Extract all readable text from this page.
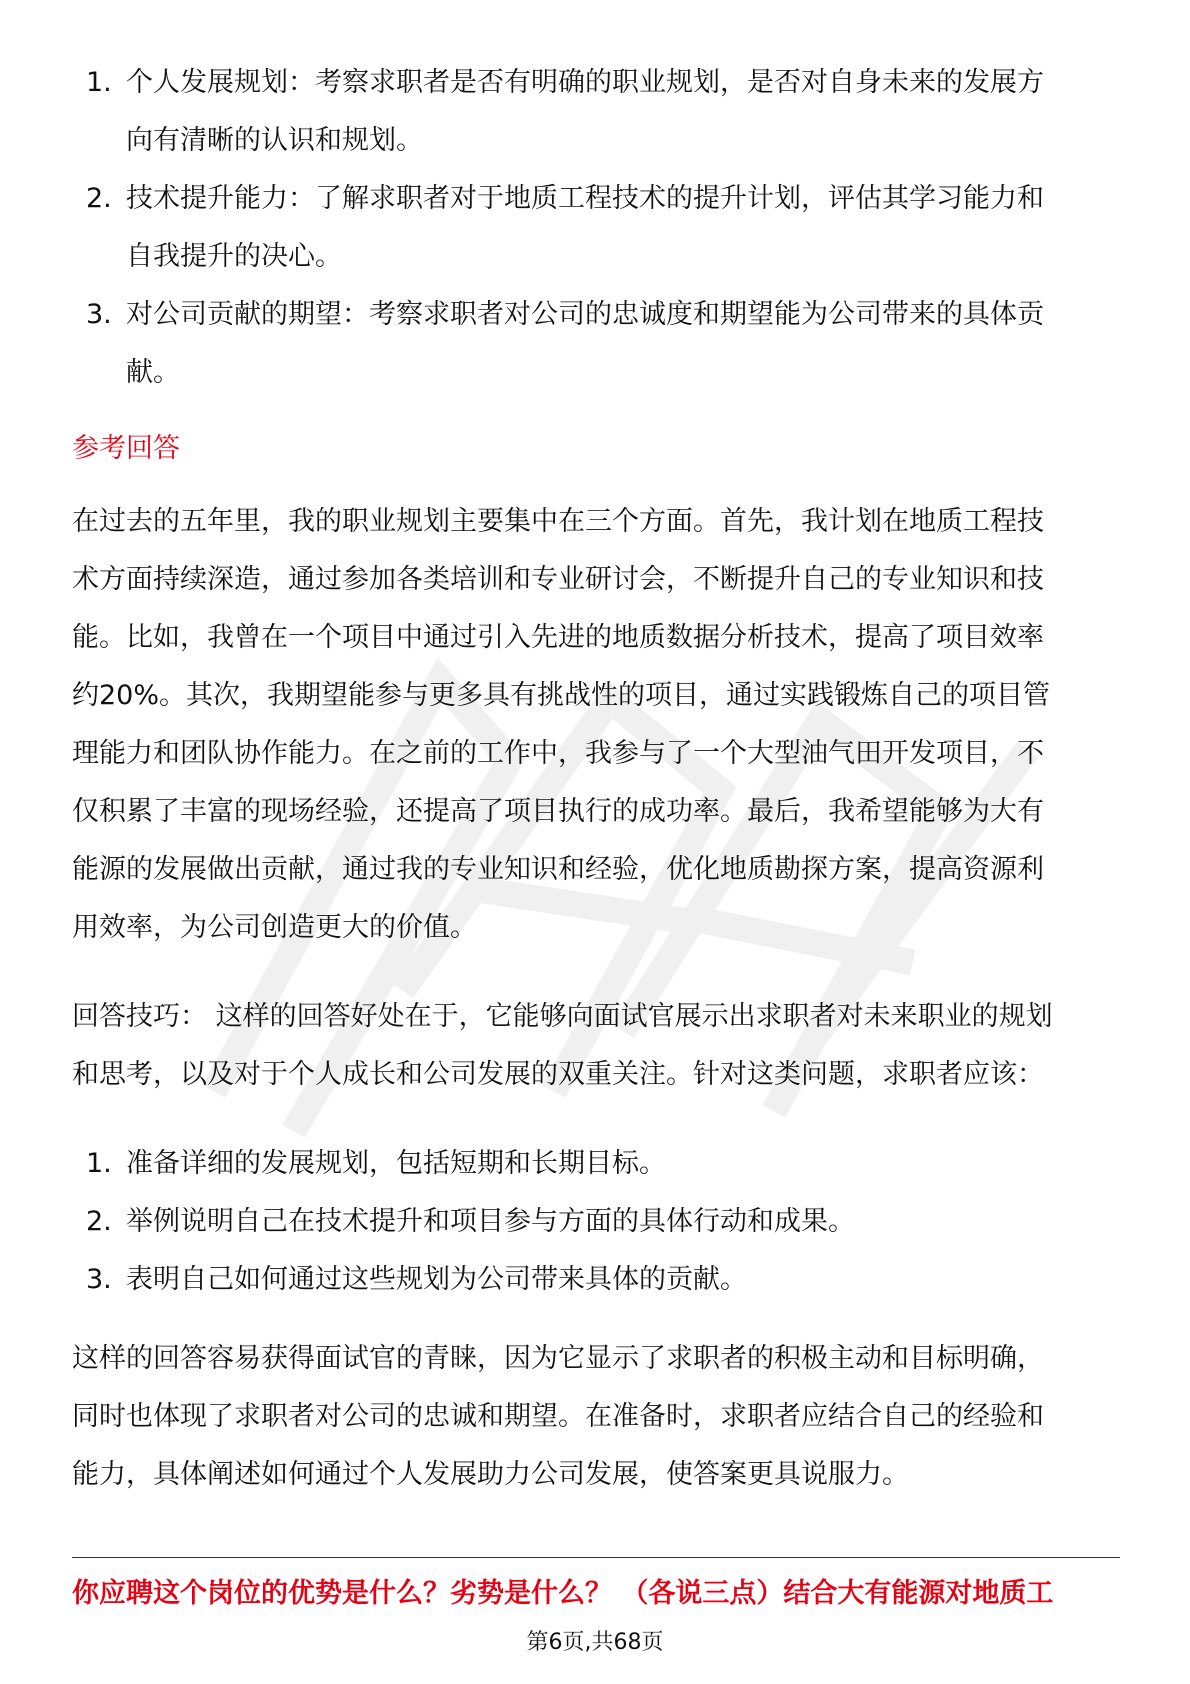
1. 个人发展规划：考察求职者是否有明确的职业规划，是否对自身未来的发展方
向有清晰的认识和规划。
2. 技术提升能力：了解求职者对于地质工程技术的提升计划，评估其学习能力和
自我提升的决心。
3. 对公司贡献的期望：考察求职者对公司的忠诚度和期望能为公司带来的具体贡
献。
参考回答
在过去的五年里，我的职业规划主要集中在三个方面。首先，我计划在地质工程技
术方面持续深造，通过参加各类培训和专业研讨会，不断提升自己的专业知识和技
能。比如，我曾在一个项目中通过引入先进的地质数据分析技术，提高了项目效率
约20%。其次，我期望能参与更多具有挑战性的项目，通过实践锻炼自己的项目管
理能力和团队协作能力。在之前的工作中，我参与了一个大型油气田开发项目，不
仅积累了丰富的现场经验，还提高了项目执行的成功率。最后，我希望能够为大有
能源的发展做出贡献，通过我的专业知识和经验，优化地质勘探方案，提高资源利
用效率，为公司创造更大的价值。
回答技巧： 这样的回答好处在于，它能够向面试官展示出求职者对未来职业的规划
和思考，以及对于个人成长和公司发展的双重关注。针对这类问题，求职者应该：
1. 准备详细的发展规划，包括短期和长期目标。
2. 举例说明自己在技术提升和项目参与方面的具体行动和成果。
3. 表明自己如何通过这些规划为公司带来具体的贡献。
这样的回答容易获得面试官的青睐，因为它显示了求职者的积极主动和目标明确，
同时也体现了求职者对公司的忠诚和期望。在准备时，求职者应结合自己的经验和
能力，具体阐述如何通过个人发展助力公司发展，使答案更具说服力。
你应聘这个岗位的优势是什么？劣势是什么？ （各说三点）结合大有能源对地质工
第6页,共68页
